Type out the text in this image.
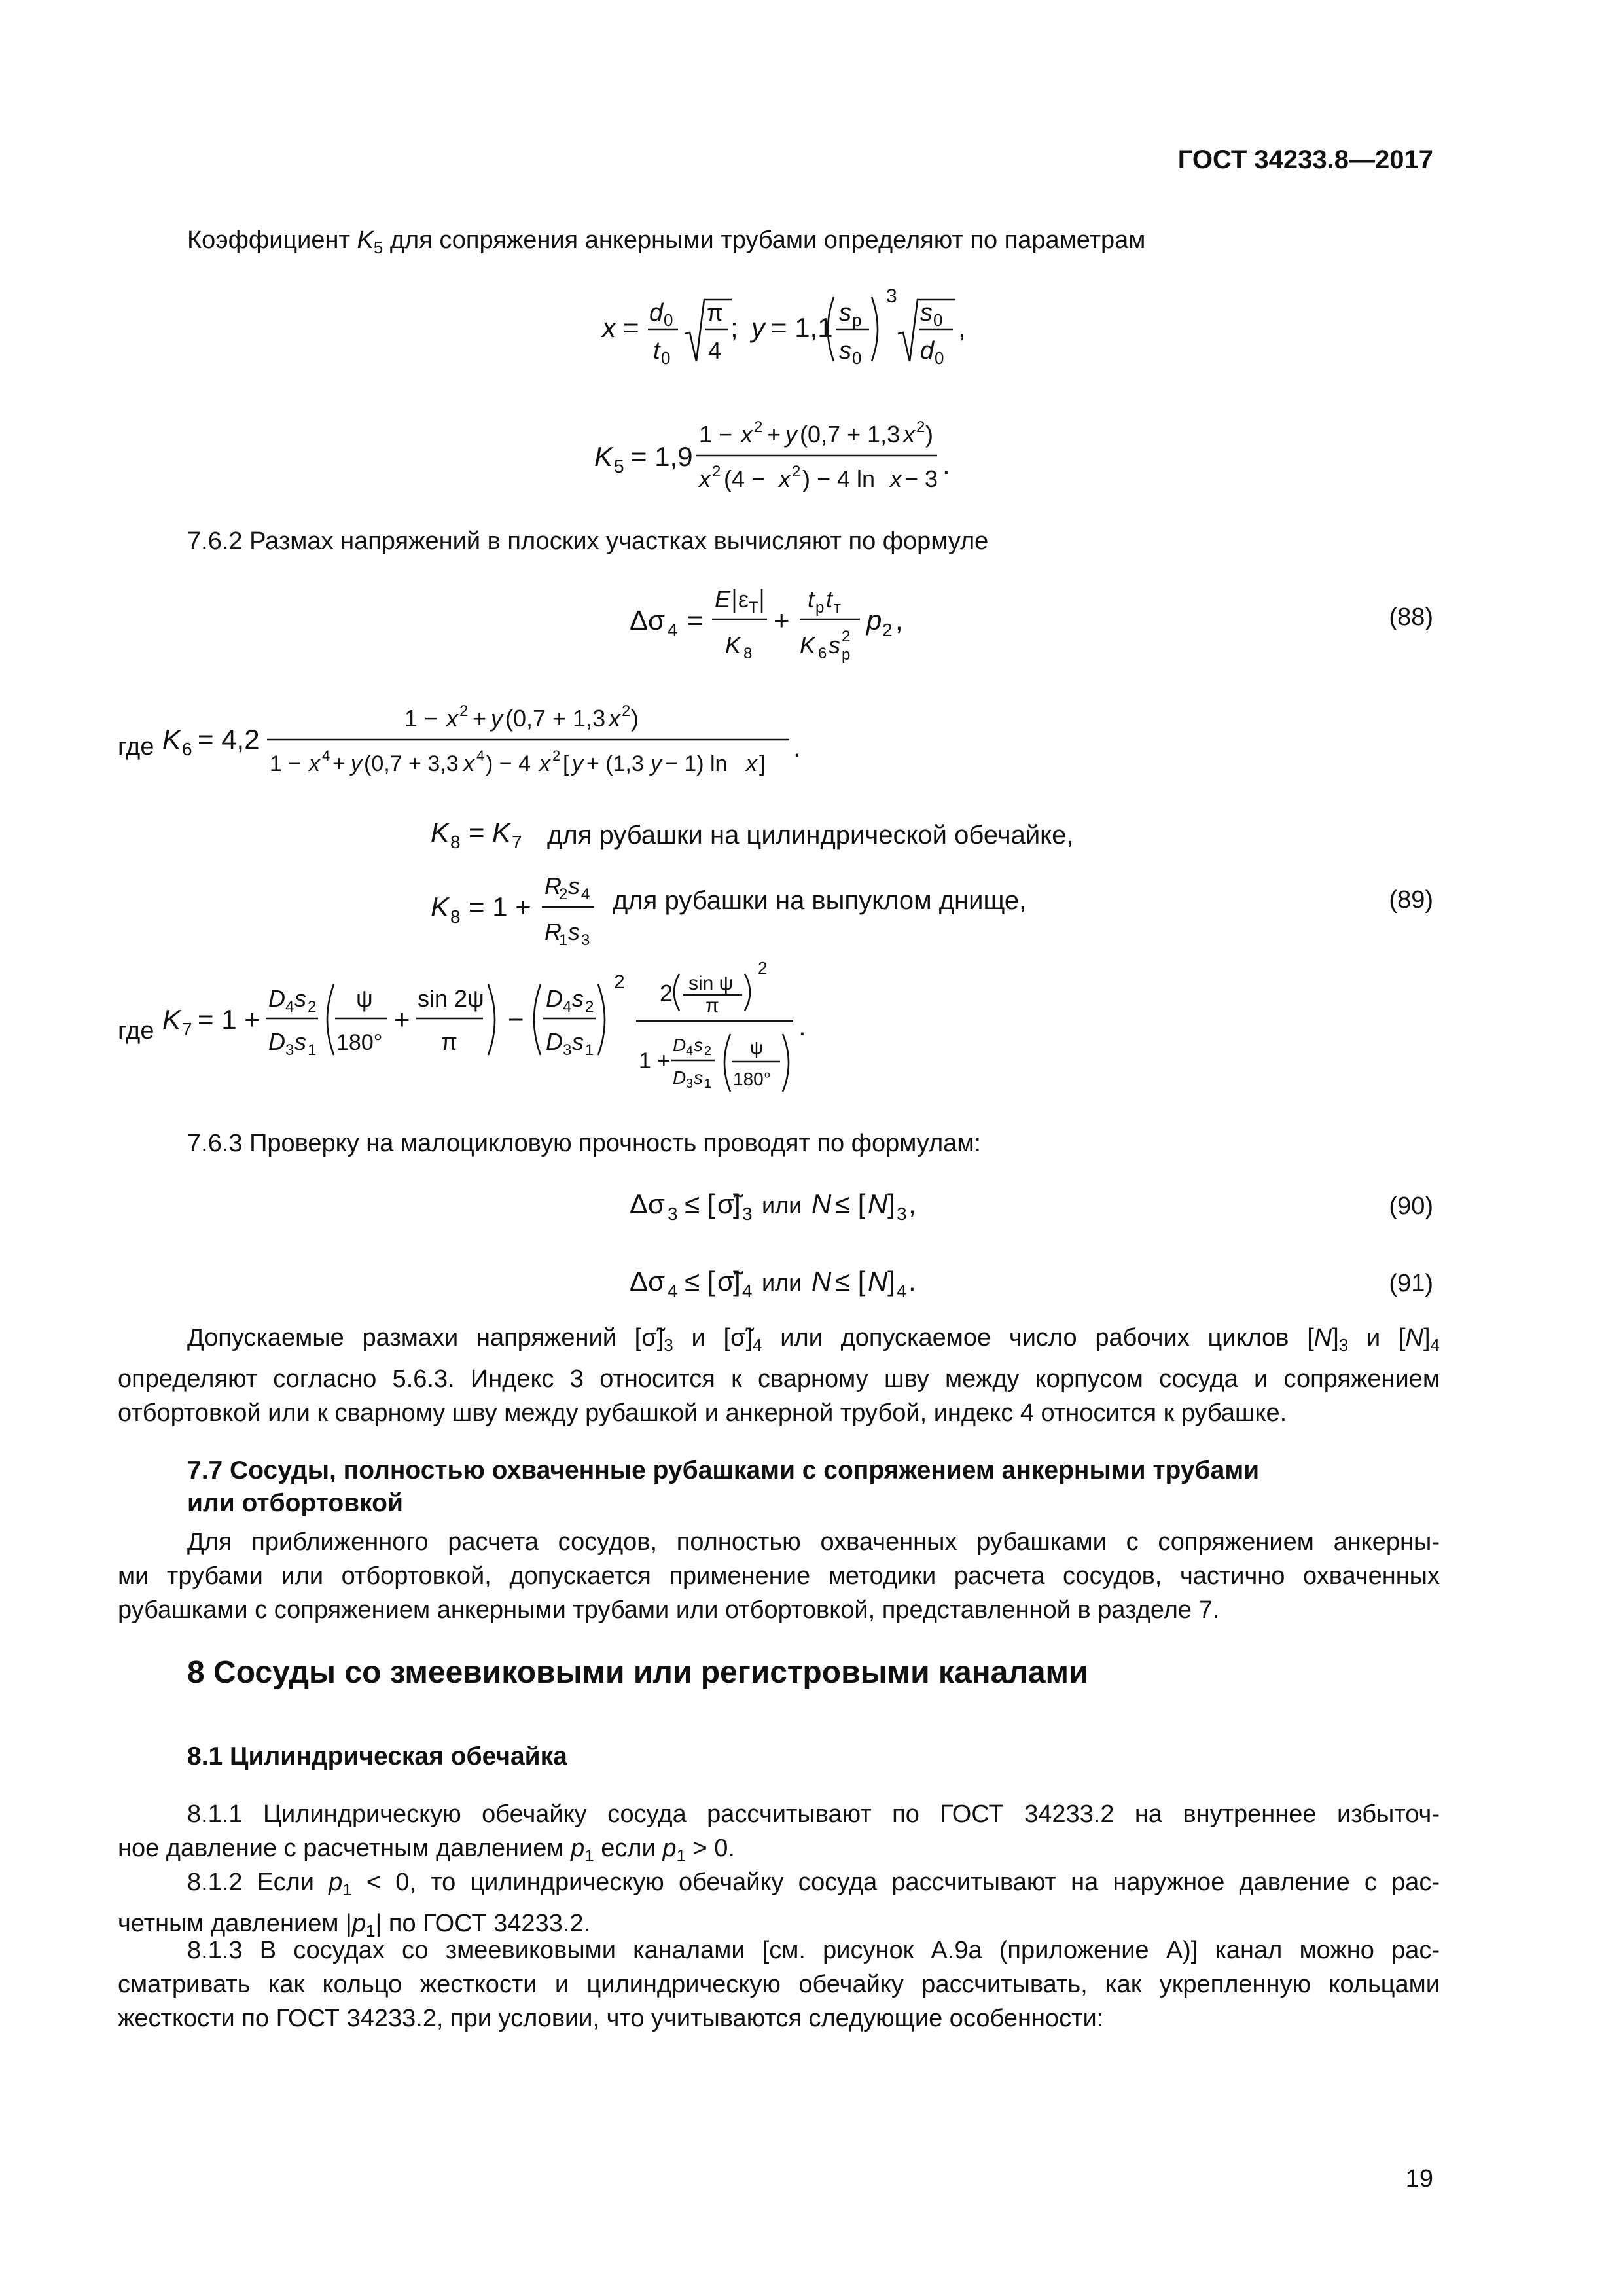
ГОСТ 34233.8—2017
Коэффициент $K_5$ для сопряжения анкерными трубами определяют по параметрам
x = d 0
t 0
π
4
; y = 1,1 s p
s 0
3
s 0
d 0
,
K 5 = 1,9
1 − x 2 + y (0,7 + 1,3 x 2 )
x 2 (4 − x 2 ) − 4 ln x − 3 .
7.6.2 Размах напряжений в плоских участках вычисляют по формуле
Δσ 4 =
E ε T
K 8
+
t p t т
K 6 s 2
p
p 2 ,	(88)
где K 6 = 4,2
1 − x 2 + y (0,7 + 1,3 x 2 )
1 − x 4 + y (0,7 + 3,3 x 4 ) − 4 x 2 [ y + (1,3 y − 1) ln x ]
.
K 8 = K 7 для рубашки на цилиндрической обечайке,
K 8 = 1 +
R
2 s 4
R
1 s 3
для рубашки на выпуклом днище,	(89)
где K 7 = 1 +
D 4 s 2
D 3 s 1
ψ
180°
+
sin 2ψ
π
−
D 4 s 2
D 3 s 1
2 2 sin ψ
π
2
1 +
D 4 s 2
D 3 s 1
ψ
180°
.
7.6.3 Проверку на малоцикловую прочность проводят по формулам:
Δσ 3 ≤ [ σ̃
] 3 или N ≤ [ N ] 3 ,	(90)
Δσ 4 ≤ [ σ̃
] 4 или N ≤ [ N ] 4 .	(91)
Допускаемые размахи напряжений $[\sigmã]_3$ и $[\sigmã]_4$ или допускаемое число рабочих циклов $[N]_3$ и $[N]_4$
определяют согласно 5.6.3. Индекс 3 относится к сварному шву между корпусом сосуда и сопряжением
отбортовкой или к сварному шву между рубашкой и анкерной трубой, индекс 4 относится к рубашке.
7.7 Сосуды, полностью охваченные рубашками с сопряжением анкерными трубами
или отбортовкой
Для приближенного расчета сосудов, полностью охваченных рубашками с сопряжением анкерны-
ми трубами или отбортовкой, допускается применение методики расчета сосудов, частично охваченных
рубашками с сопряжением анкерными трубами или отбортовкой, представленной в разделе 7.
8 Сосуды со змеевиковыми или регистровыми каналами
8.1 Цилиндрическая обечайка
8.1.1 Цилиндрическую обечайку сосуда рассчитывают по ГОСТ 34233.2 на внутреннее избыточ-
ное давление с расчетным давлением $p_1$ если $p_1 > 0$.
8.1.2 Если $p_1 < 0$, то цилиндрическую обечайку сосуда рассчитывают на наружное давление с рас-
четным давлением $|p_1|$ по ГОСТ 34233.2.
8.1.3 В сосудах со змеевиковыми каналами [см. рисунок А.9а (приложение А)] канал можно рас-
сматривать как кольцо жесткости и цилиндрическую обечайку рассчитывать, как укрепленную кольцами
жесткости по ГОСТ 34233.2, при условии, что учитываются следующие особенности:
19
